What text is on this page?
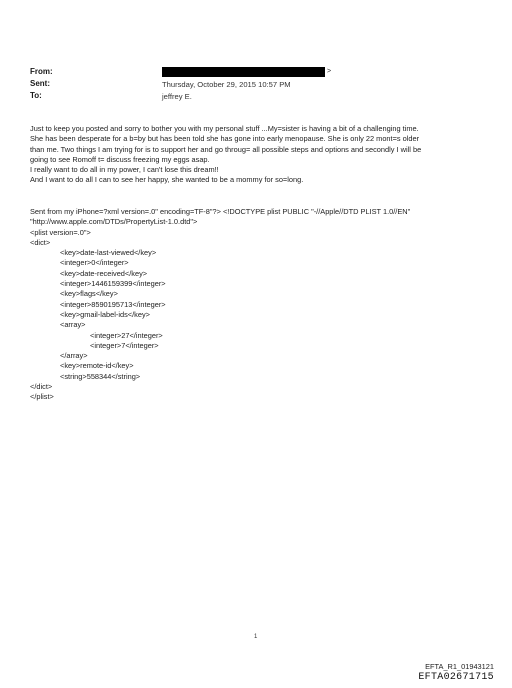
From:	>
Sent:	Thursday, October 29, 2015 10:57 PM
To:	jeffrey E.

Just to keep you posted and sorry to bother you with my personal stuff ...My=sister is having a bit of a challenging time.

She has been desperate for a b=by but has been told she has gone into early menopause. She is only 22 mont=s older

than me. Two things I am trying for is to support her and go throug= all possible steps and options and secondly I will be

going to see Romoff t= discuss freezing my eggs asap.

I really want to do all in my power, I can't lose this dream!!

And I want to do all I can to see her happy, she wanted to be a mommy for so=long.

Sent from my iPhone=?xml version=.0" encoding=TF-8"?> <!DOCTYPE plist PUBLIC "-//Apple//DTD PLIST 1.0//EN"
"http://www.apple.com/DTDs/PropertyList-1.0.dtd">
<plist version=.0">
<dict>
<key>date-last-viewed</key>
<integer>0</integer>
<key>date-received</key>
<integer>1446159399</integer>
<key>flags</key>
<integer>8590195713</integer>
<key>gmail-label-ids</key>
<array>
<integer>27</integer>
<integer>7</integer>
</array>
<key>remote-id</key>
<string>558344</string>
</dict>
</plist>
1
EFTA_R1_01943121
EFTA02671715
